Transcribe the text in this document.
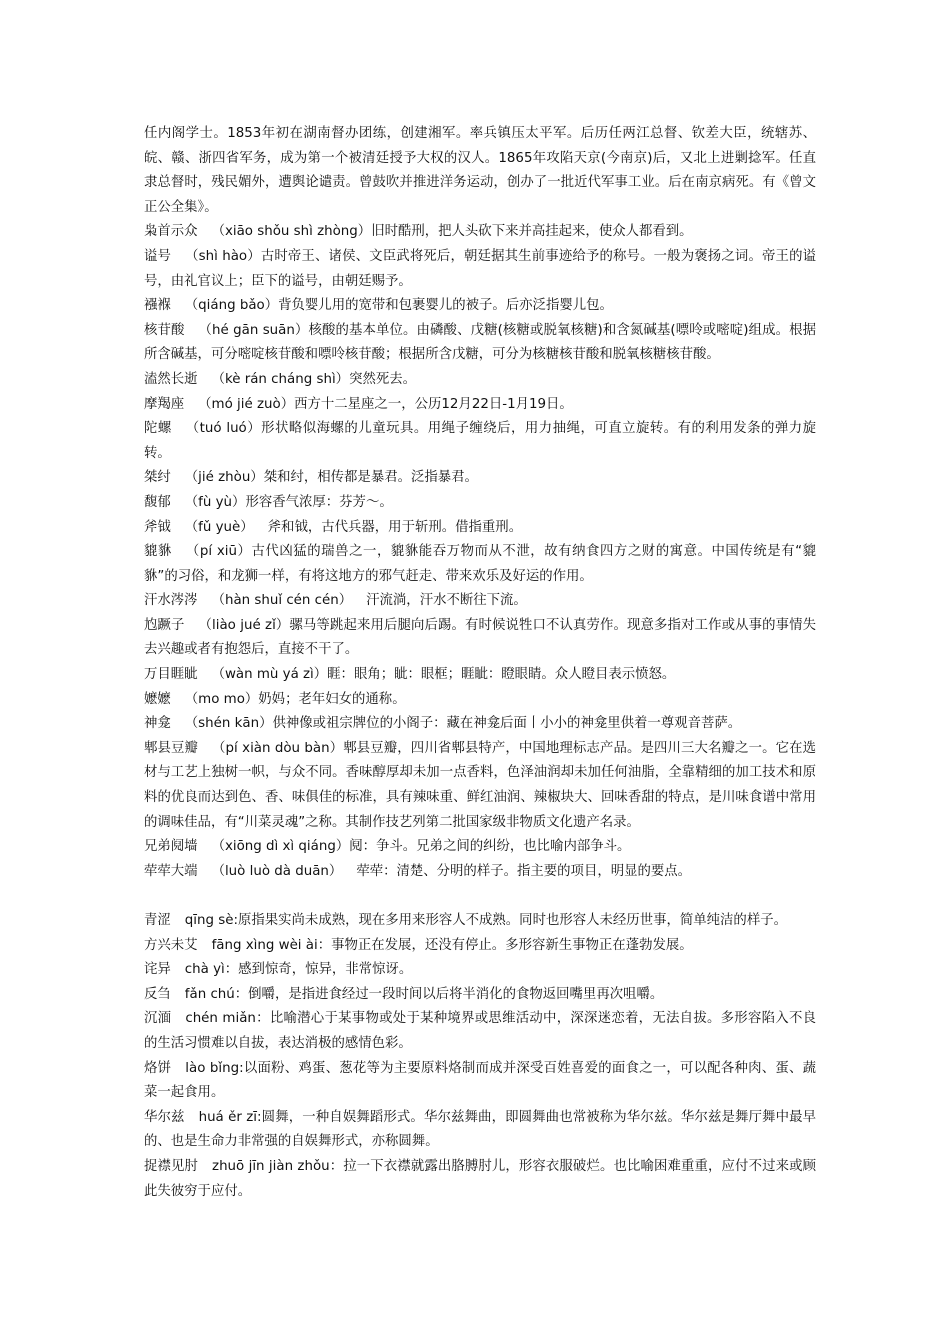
任内阁学士。1853年初在湖南督办团练，创建湘军。率兵镇压太平军。后历任两江总督、钦差大臣，统辖苏、皖、赣、浙四省军务，成为第一个被清廷授予大权的汉人。1865年攻陷天京(今南京)后，又北上进剿捻军。任直隶总督时，残民媚外，遭舆论谴责。曾鼓吹并推进洋务运动，创办了一批近代军事工业。后在南京病死。有《曾文正公全集》。

枭首示众 （xiāo shǒu shì zhòng）旧时酷刑，把人头砍下来并高挂起来，使众人都看到。

谥号 （shì hào）古时帝王、诸侯、文臣武将死后，朝廷据其生前事迹给予的称号。一般为褒扬之词。帝王的谥号，由礼官议上；臣下的谥号，由朝廷赐予。

襁褓 （qiáng bǎo）背负婴儿用的宽带和包裹婴儿的被子。后亦泛指婴儿包。

核苷酸 （hé gān suān）核酸的基本单位。由磷酸、戊糖(核糖或脱氧核糖)和含氮碱基(嘌呤或嘧啶)组成。根据所含碱基，可分嘧啶核苷酸和嘌呤核苷酸；根据所含戊糖，可分为核糖核苷酸和脱氧核糖核苷酸。

溘然长逝 （kè rán cháng shì）突然死去。

摩羯座 （mó jié zuò）西方十二星座之一，公历12月22日-1月19日。

陀螺 （tuó luó）形状略似海螺的儿童玩具。用绳子缠绕后，用力抽绳，可直立旋转。有的利用发条的弹力旋转。

桀纣 （jié zhòu）桀和纣，相传都是暴君。泛指暴君。

馥郁 （fù yù）形容香气浓厚：芬芳～。

斧钺 （fǔ yuè） 斧和钺，古代兵器，用于斩刑。借指重刑。

貔貅 （pí xiū）古代凶猛的瑞兽之一，貔貅能吞万物而从不泄，故有纳食四方之财的寓意。中国传统是有“貔貅”的习俗，和龙狮一样，有将这地方的邪气赶走、带来欢乐及好运的作用。

汗水涔涔 （hàn shuǐ cén cén） 汗流淌，汗水不断往下流。

尥蹶子 （liào jué zǐ）骡马等跳起来用后腿向后踢。有时候说牲口不认真劳作。现意多指对工作或从事的事情失去兴趣或者有抱怨后，直接不干了。

万目睚眦 （wàn mù yá zì）睚：眼角；眦：眼框；睚眦：瞪眼睛。众人瞪目表示愤怒。

嬷嬷 （mo mo）奶妈；老年妇女的通称。

神龛 （shén kān）供神像或祖宗牌位的小阁子：藏在神龛后面丨小小的神龛里供着一尊观音菩萨。

郫县豆瓣 （pí xiàn dòu bàn）郫县豆瓣，四川省郫县特产，中国地理标志产品。是四川三大名瓣之一。它在选材与工艺上独树一帜，与众不同。香味醇厚却未加一点香料，色泽油润却未加任何油脂，全靠精细的加工技术和原料的优良而达到色、香、味俱佳的标准，具有辣味重、鲜红油润、辣椒块大、回味香甜的特点，是川味食谱中常用的调味佳品，有“川菜灵魂”之称。其制作技艺列第二批国家级非物质文化遗产名录。

兄弟阋墙 （xiōng dì xì qiáng）阋：争斗。兄弟之间的纠纷，也比喻内部争斗。

荦荦大端 （luò luò dà duān） 荦荦：清楚、分明的样子。指主要的项目，明显的要点。

青涩 qīng sè:原指果实尚未成熟，现在多用来形容人不成熟。同时也形容人未经历世事，简单纯洁的样子。

方兴未艾 fāng xìng wèi ài：事物正在发展，还没有停止。多形容新生事物正在蓬勃发展。

诧异 chà yì：感到惊奇，惊异，非常惊讶。

反刍 fǎn chú：倒嚼，是指进食经过一段时间以后将半消化的食物返回嘴里再次咀嚼。

沉湎 chén miǎn：比喻潜心于某事物或处于某种境界或思维活动中，深深迷恋着，无法自拔。多形容陷入不良的生活习惯难以自拔，表达消极的感情色彩。

烙饼 lào bǐng:以面粉、鸡蛋、葱花等为主要原料烙制而成并深受百姓喜爱的面食之一，可以配各种肉、蛋、蔬菜一起食用。

华尔兹 huá ěr zī:圆舞，一种自娱舞蹈形式。华尔兹舞曲，即圆舞曲也常被称为华尔兹。华尔兹是舞厅舞中最早的、也是生命力非常强的自娱舞形式，亦称圆舞。

捉襟见肘 zhuō jīn jiàn zhǒu：拉一下衣襟就露出胳膊肘儿，形容衣服破烂。也比喻困难重重，应付不过来或顾此失彼穷于应付。
